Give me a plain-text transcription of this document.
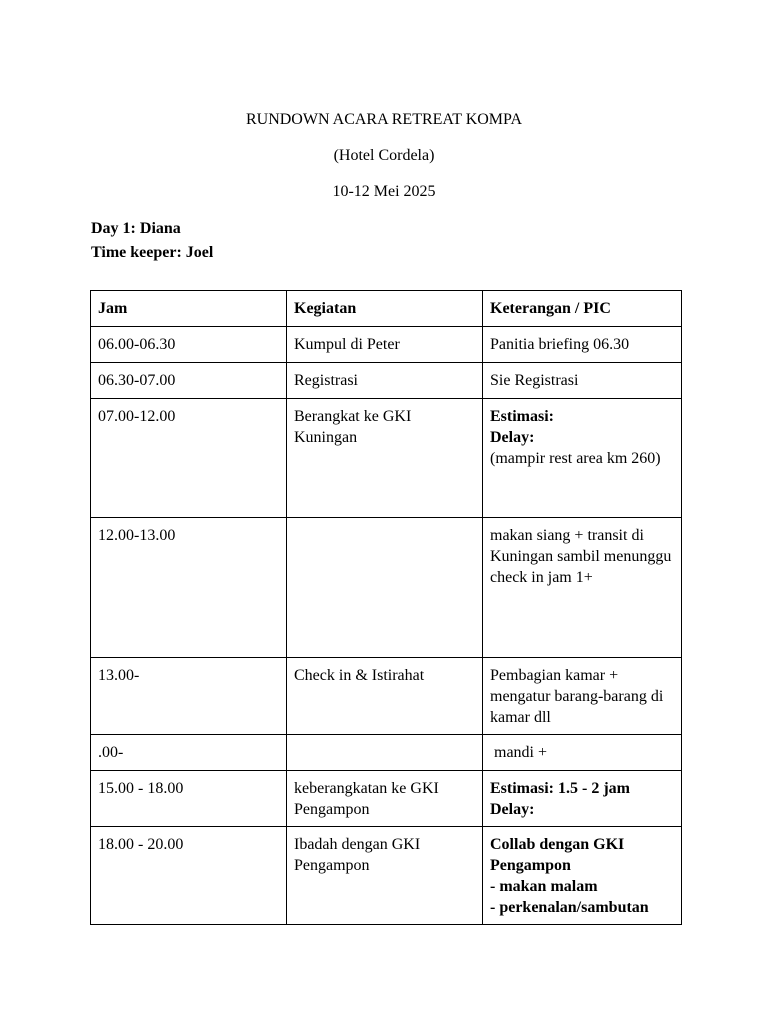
RUNDOWN ACARA RETREAT KOMPA
(Hotel Cordela)
10-12 Mei 2025
Day 1: Diana
Time keeper: Joel
Jam	Kegiatan	Keterangan / PIC
06.00-06.30	Kumpul di Peter	Panitia briefing 06.30
06.30-07.00	Registrasi	Sie Registrasi
07.00-12.00	Berangkat ke GKI Kuningan	Estimasi:
Delay:
(mampir rest area km 260)
12.00-13.00		makan siang + transit di Kuningan sambil menunggu check in jam 1+
13.00-	Check in & Istirahat	Pembagian kamar + mengatur barang-barang di kamar dll
.00-		mandi +
15.00 - 18.00	keberangkatan ke GKI Pengampon	Estimasi: 1.5 - 2 jam
Delay:
18.00 - 20.00	Ibadah dengan GKI Pengampon	Collab dengan GKI Pengampon
- makan malam
- perkenalan/sambutan
